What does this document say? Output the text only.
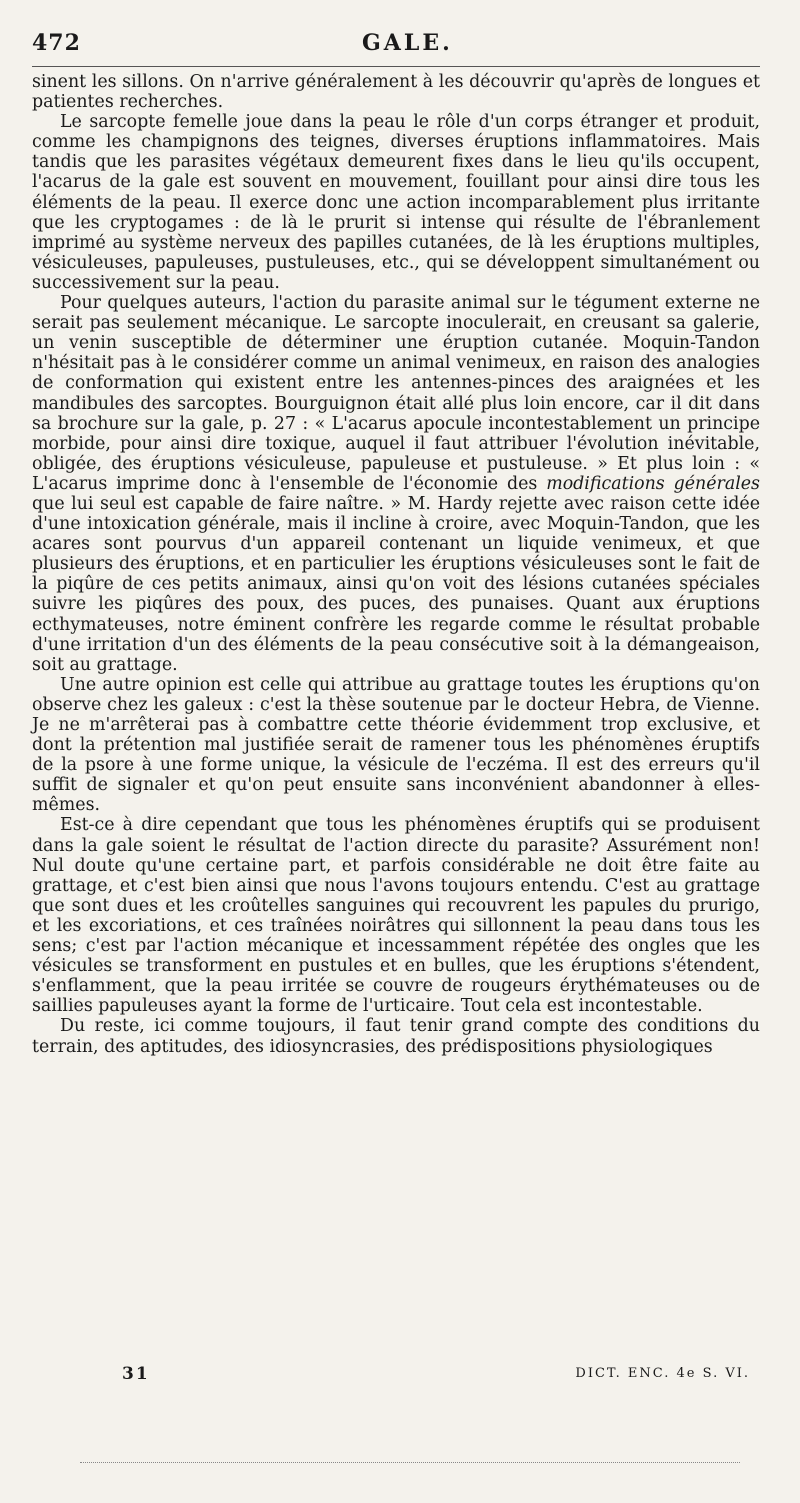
472	GALE.

sinent les sillons. On n'arrive généralement à les découvrir qu'après de longues et patientes recherches.

Le sarcopte femelle joue dans la peau le rôle d'un corps étranger et produit, comme les champignons des teignes, diverses éruptions inflammatoires. Mais tandis que les parasites végétaux demeurent fixes dans le lieu qu'ils occupent, l'acarus de la gale est souvent en mouvement, fouillant pour ainsi dire tous les éléments de la peau. Il exerce donc une action incomparablement plus irritante que les cryptogames : de là le prurit si intense qui résulte de l'ébranlement imprimé au système nerveux des papilles cutanées, de là les éruptions multiples, vésiculeuses, papuleuses, pustuleuses, etc., qui se développent simultanément ou successivement sur la peau.

Pour quelques auteurs, l'action du parasite animal sur le tégument externe ne serait pas seulement mécanique. Le sarcopte inoculerait, en creusant sa galerie, un venin susceptible de déterminer une éruption cutanée. Moquin-Tandon n'hésitait pas à le considérer comme un animal venimeux, en raison des analogies de conformation qui existent entre les antennes-pinces des araignées et les mandibules des sarcoptes. Bourguignon était allé plus loin encore, car il dit dans sa brochure sur la gale, p. 27 : « L'acarus apocule incontestablement un principe morbide, pour ainsi dire toxique, auquel il faut attribuer l'évolution inévitable, obligée, des éruptions vésiculeuse, papuleuse et pustuleuse. » Et plus loin : « L'acarus imprime donc à l'ensemble de l'économie des modifications générales que lui seul est capable de faire naître. » M. Hardy rejette avec raison cette idée d'une intoxication générale, mais il incline à croire, avec Moquin-Tandon, que les acares sont pourvus d'un appareil contenant un liquide venimeux, et que plusieurs des éruptions, et en particulier les éruptions vésiculeuses sont le fait de la piqûre de ces petits animaux, ainsi qu'on voit des lésions cutanées spéciales suivre les piqûres des poux, des puces, des punaises. Quant aux éruptions ecthymateuses, notre éminent confrère les regarde comme le résultat probable d'une irritation d'un des éléments de la peau consécutive soit à la démangeaison, soit au grattage.

Une autre opinion est celle qui attribue au grattage toutes les éruptions qu'on observe chez les galeux : c'est la thèse soutenue par le docteur Hebra, de Vienne. Je ne m'arrêterai pas à combattre cette théorie évidemment trop exclusive, et dont la prétention mal justifiée serait de ramener tous les phénomènes éruptifs de la psore à une forme unique, la vésicule de l'eczéma. Il est des erreurs qu'il suffit de signaler et qu'on peut ensuite sans inconvénient abandonner à elles-mêmes.

Est-ce à dire cependant que tous les phénomènes éruptifs qui se produisent dans la gale soient le résultat de l'action directe du parasite? Assurément non! Nul doute qu'une certaine part, et parfois considérable ne doit être faite au grattage, et c'est bien ainsi que nous l'avons toujours entendu. C'est au grattage que sont dues et les croûtelles sanguines qui recouvrent les papules du prurigo, et les excoriations, et ces traînées noirâtres qui sillonnent la peau dans tous les sens; c'est par l'action mécanique et incessamment répétée des ongles que les vésicules se transforment en pustules et en bulles, que les éruptions s'étendent, s'enflamment, que la peau irritée se couvre de rougeurs érythémateuses ou de saillies papuleuses ayant la forme de l'urticaire. Tout cela est incontestable.

Du reste, ici comme toujours, il faut tenir grand compte des conditions du terrain, des aptitudes, des idiosyncrasies, des prédispositions physiologiques

31	DICT. ENC. 4e S. VI.
